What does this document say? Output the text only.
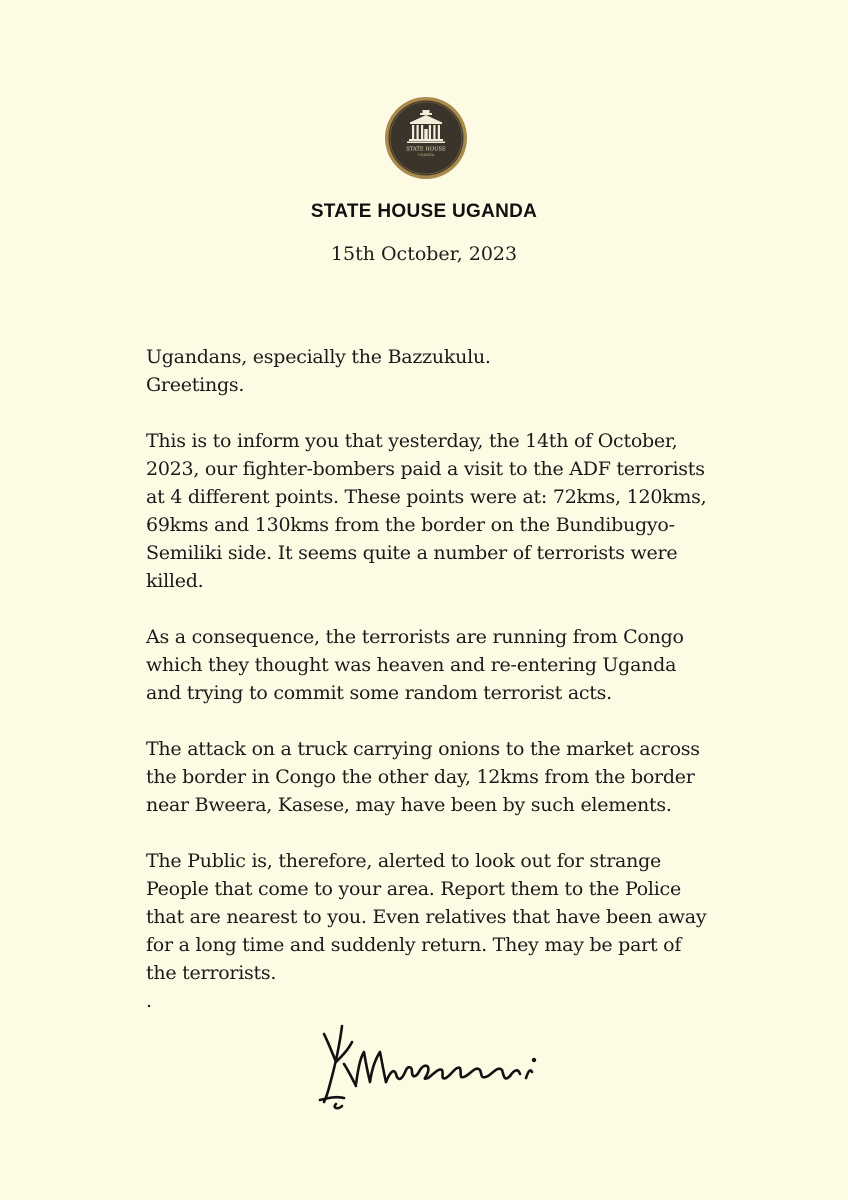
STATE HOUSE
UGANDA
STATE HOUSE UGANDA
15th October, 2023
Ugandans, especially the Bazzukulu.
Greetings.
This is to inform you that yesterday, the 14th of October,
2023, our fighter-bombers paid a visit to the ADF terrorists
at 4 different points. These points were at: 72kms, 120kms,
69kms and 130kms from the border on the Bundibugyo-
Semiliki side. It seems quite a number of terrorists were
killed.
As a consequence, the terrorists are running from Congo
which they thought was heaven and re-entering Uganda
and trying to commit some random terrorist acts.
The attack on a truck carrying onions to the market across
the border in Congo the other day, 12kms from the border
near Bweera, Kasese, may have been by such elements.
The Public is, therefore, alerted to look out for strange
People that come to your area. Report them to the Police
that are nearest to you. Even relatives that have been away
for a long time and suddenly return. They may be part of
the terrorists.
.
